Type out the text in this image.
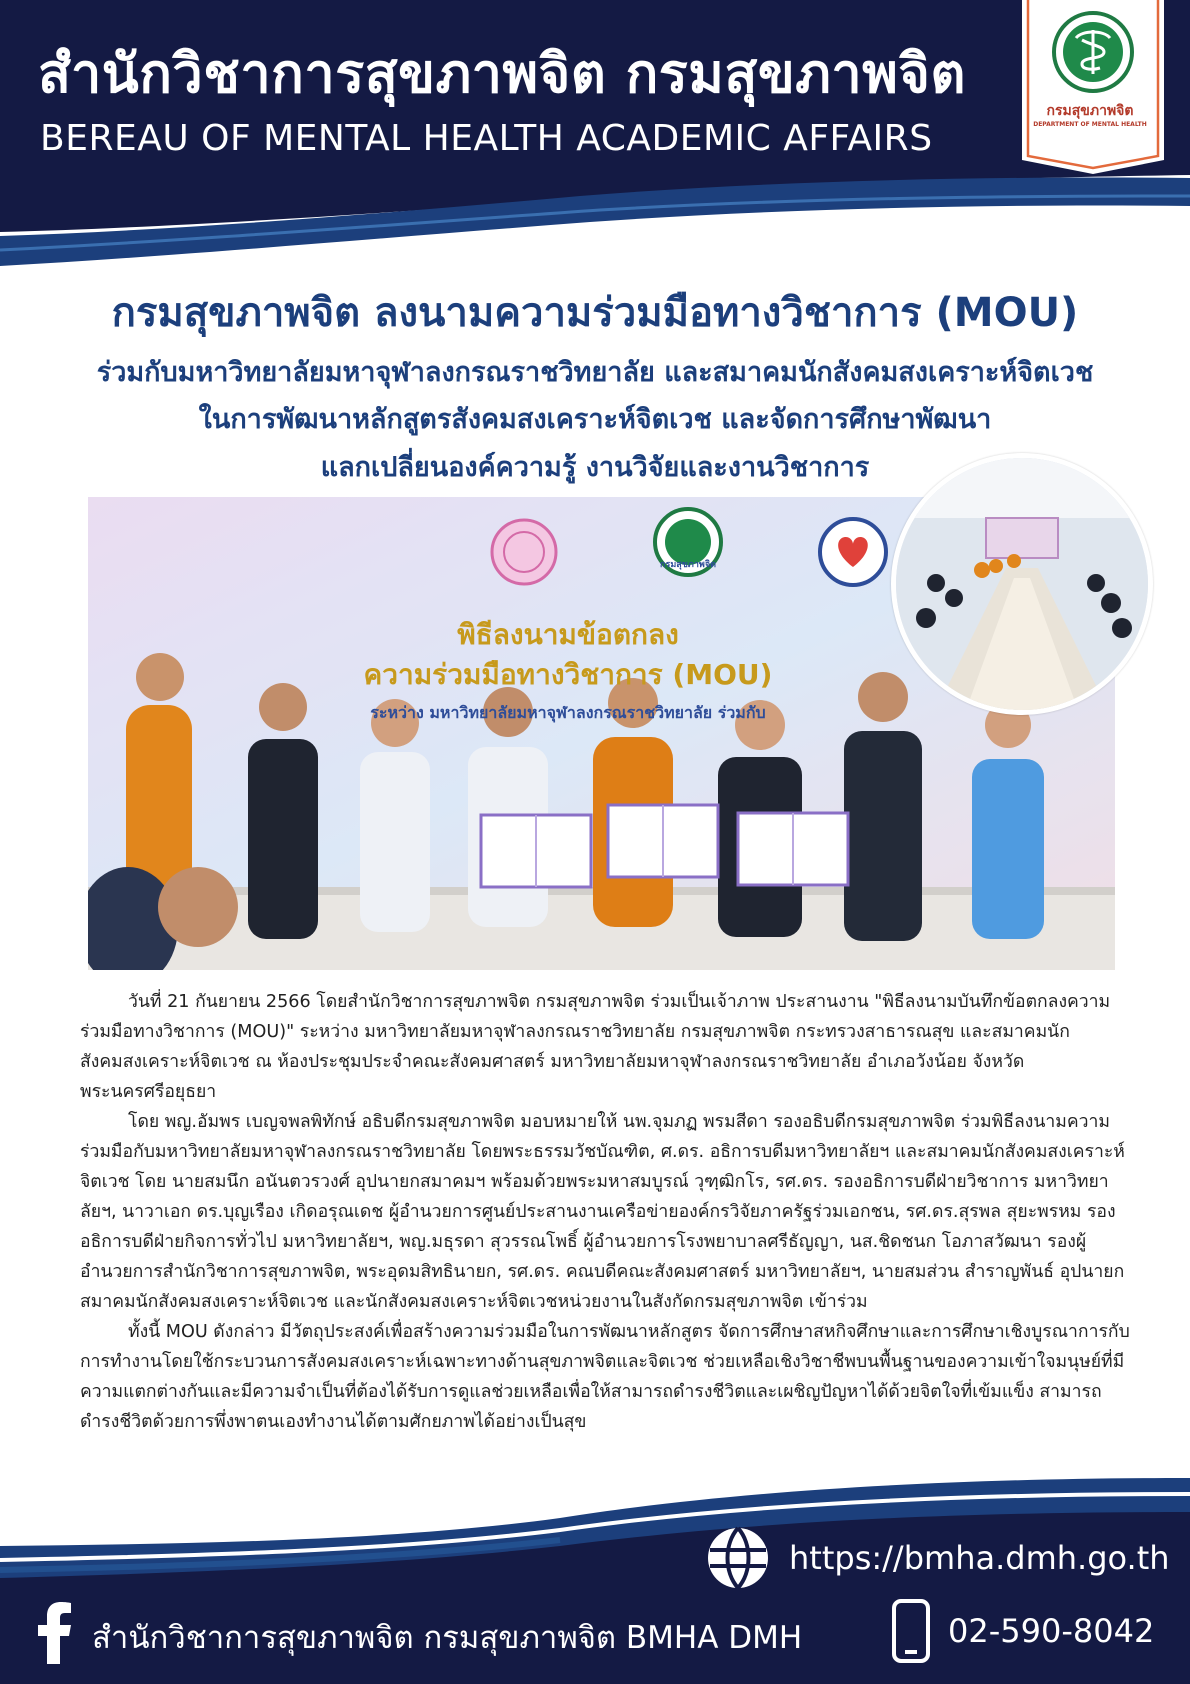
สำนักวิชาการสุขภาพจิต กรมสุขภาพจิต
BEREAU OF MENTAL HEALTH ACADEMIC AFFAIRS
กรมสุขภาพจิต
DEPARTMENT OF MENTAL HEALTH
กรมสุขภาพจิต ลงนามความร่วมมือทางวิชาการ (MOU)
ร่วมกับมหาวิทยาลัยมหาจุฬาลงกรณราชวิทยาลัย และสมาคมนักสังคมสงเคราะห์จิตเวช
ในการพัฒนาหลักสูตรสังคมสงเคราะห์จิตเวช และจัดการศึกษาพัฒนา
แลกเปลี่ยนองค์ความรู้ งานวิจัยและงานวิชาการ
กรมสุขภาพจิต
พิธีลงนามข้อตกลง
ความร่วมมือทางวิชาการ (MOU)
ระหว่าง มหาวิทยาลัยมหาจุฬาลงกรณราชวิทยาลัย ร่วมกับ

วันที่ 21 กันยายน 2566 โดยสำนักวิชาการสุขภาพจิต กรมสุขภาพจิต ร่วมเป็นเจ้าภาพ ประสานงาน "พิธีลงนามบันทึกข้อตกลงความร่วมมือทางวิชาการ (MOU)" ระหว่าง มหาวิทยาลัยมหาจุฬาลงกรณราชวิทยาลัย กรมสุขภาพจิต กระทรวงสาธารณสุข และสมาคมนักสังคมสงเคราะห์จิตเวช ณ ห้องประชุมประจำคณะสังคมศาสตร์ มหาวิทยาลัยมหาจุฬาลงกรณราชวิทยาลัย อำเภอวังน้อย จังหวัดพระนครศรีอยุธยา

โดย พญ.อัมพร เบญจพลพิทักษ์ อธิบดีกรมสุขภาพจิต มอบหมายให้ นพ.จุมภฏ พรมสีดา รองอธิบดีกรมสุขภาพจิต ร่วมพิธีลงนามความร่วมมือกับมหาวิทยาลัยมหาจุฬาลงกรณราชวิทยาลัย โดยพระธรรมวัชบัณฑิต, ศ.ดร. อธิการบดีมหาวิทยาลัยฯ และสมาคมนักสังคมสงเคราะห์จิตเวช โดย นายสมนึก อนันตวรวงศ์ อุปนายกสมาคมฯ พร้อมด้วยพระมหาสมบูรณ์ วุฑฺฒิกโร, รศ.ดร. รองอธิการบดีฝ่ายวิชาการ มหาวิทยาลัยฯ, นาวาเอก ดร.บุญเรือง เกิดอรุณเดช ผู้อำนวยการศูนย์ประสานงานเครือข่ายองค์กรวิจัยภาครัฐร่วมเอกชน, รศ.ดร.สุรพล สุยะพรหม รองอธิการบดีฝ่ายกิจการทั่วไป มหาวิทยาลัยฯ, พญ.มธุรดา สุวรรณโพธิ์ ผู้อำนวยการโรงพยาบาลศรีธัญญา, นส.ชิดชนก โอภาสวัฒนา รองผู้อำนวยการสำนักวิชาการสุขภาพจิต, พระอุดมสิทธินายก, รศ.ดร. คณบดีคณะสังคมศาสตร์ มหาวิทยาลัยฯ, นายสมส่วน สำราญพันธ์ อุปนายกสมาคมนักสังคมสงเคราะห์จิตเวช และนักสังคมสงเคราะห์จิตเวชหน่วยงานในสังกัดกรมสุขภาพจิต เข้าร่วม

ทั้งนี้ MOU ดังกล่าว มีวัตถุประสงค์เพื่อสร้างความร่วมมือในการพัฒนาหลักสูตร จัดการศึกษาสหกิจศึกษาและการศึกษาเชิงบูรณาการกับการทำงานโดยใช้กระบวนการสังคมสงเคราะห์เฉพาะทางด้านสุขภาพจิตและจิตเวช ช่วยเหลือเชิงวิชาชีพบนพื้นฐานของความเข้าใจมนุษย์ที่มีความแตกต่างกันและมีความจำเป็นที่ต้องได้รับการดูแลช่วยเหลือเพื่อให้สามารถดำรงชีวิตและเผชิญปัญหาได้ด้วยจิตใจที่เข้มแข็ง สามารถดำรงชีวิตด้วยการพึ่งพาตนเองทำงานได้ตามศักยภาพได้อย่างเป็นสุข

https://bmha.dmh.go.th
สำนักวิชาการสุขภาพจิต กรมสุขภาพจิต BMHA DMH	02-590-8042
